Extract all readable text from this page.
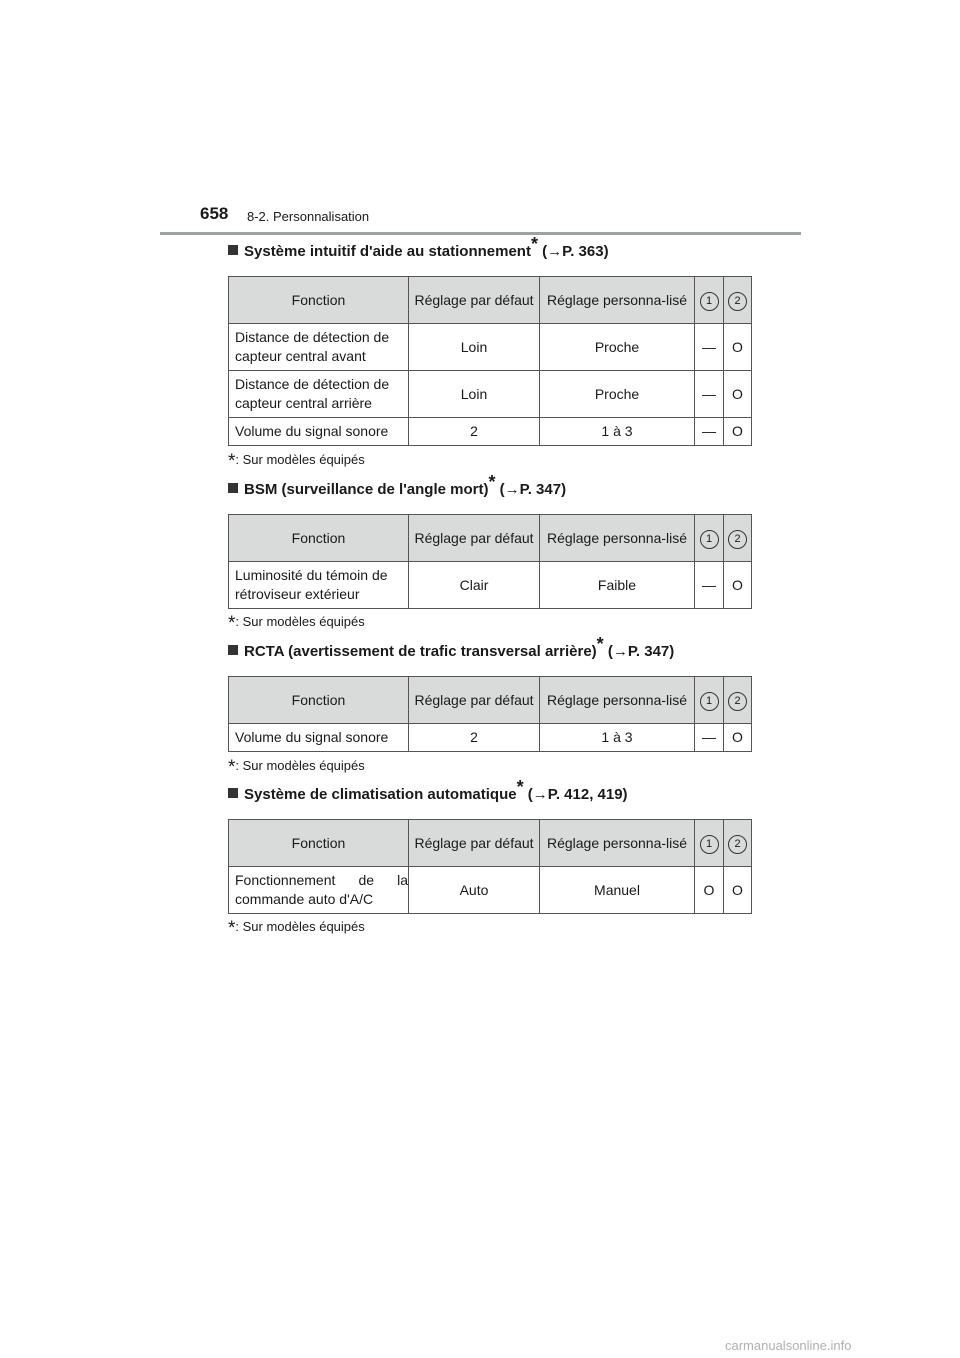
658 8-2. Personnalisation
Système intuitif d'aide au stationnement* (→P. 363)
Fonction	Réglage par défaut	Réglage personna-lisé	1	2
Distance de détection de capteur central avant	Loin	Proche	—	O
Distance de détection de capteur central arrière	Loin	Proche	—	O
Volume du signal sonore	2	1 à 3	—	O
*: Sur modèles équipés
BSM (surveillance de l'angle mort)* (→P. 347)
Fonction	Réglage par défaut	Réglage personna-lisé	1	2
Luminosité du témoin de rétroviseur extérieur	Clair	Faible	—	O
*: Sur modèles équipés
RCTA (avertissement de trafic transversal arrière)* (→P. 347)
Fonction	Réglage par défaut	Réglage personna-lisé	1	2
Volume du signal sonore	2	1 à 3	—	O
*: Sur modèles équipés
Système de climatisation automatique* (→P. 412, 419)
Fonction	Réglage par défaut	Réglage personna-lisé	1	2
Fonctionnement de la commande auto d'A/C	Auto	Manuel	O	O
*: Sur modèles équipés
carmanualsonline.info
